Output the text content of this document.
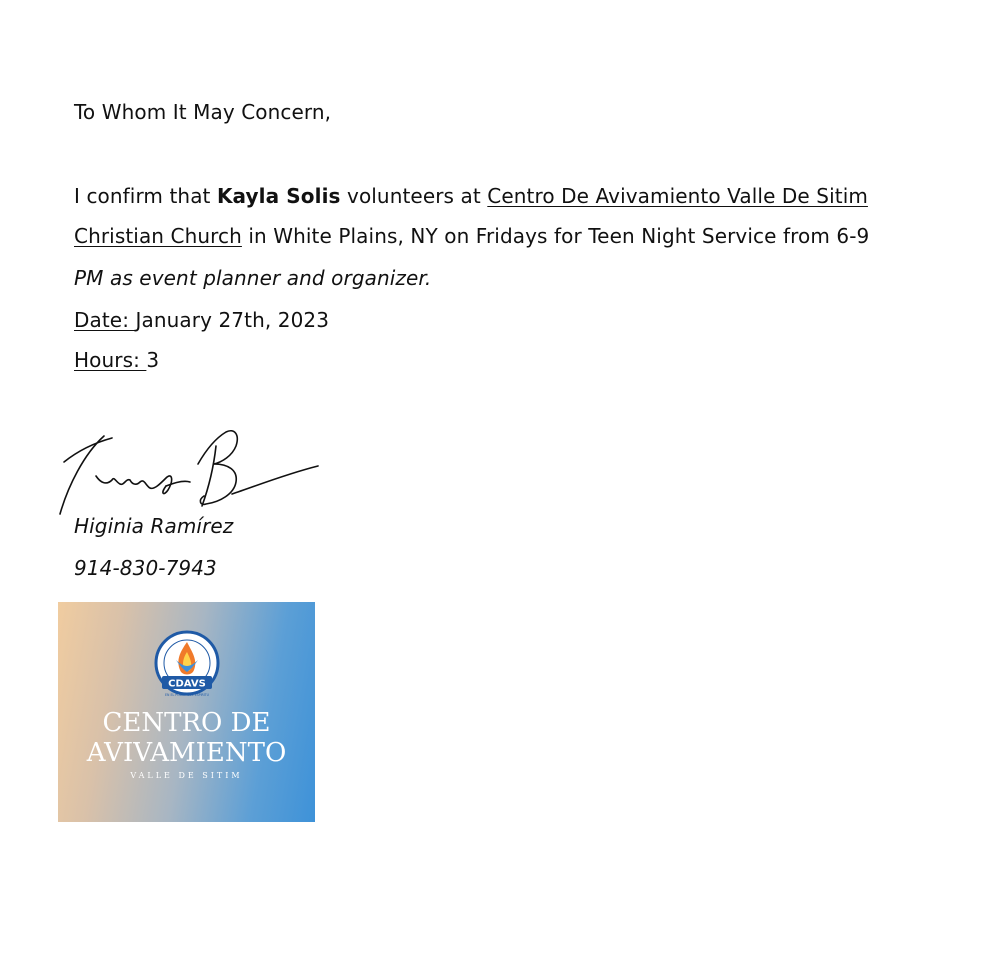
To Whom It May Concern,
I confirm that Kayla Solis volunteers at Centro De Avivamiento Valle De Sitim
Christian Church in White Plains, NY on Fridays for Teen Night Service from 6-9
PM as event planner and organizer.
Date: January 27th, 2023
Hours: 3
Higinia Ramírez
914-830-7943
CDAVS
EN EL PODER DEL ESPIRITU
CENTRO DE
AVIVAMIENTO
VALLE DE SITIM
